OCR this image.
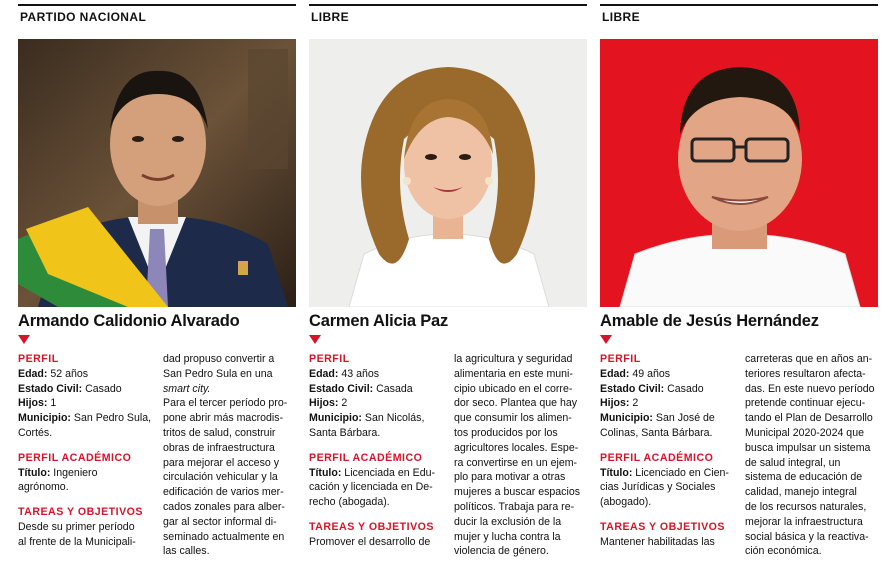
PARTIDO NACIONAL
Armando Calidonio Alvarado
PERFIL
Edad: 52 años
Estado Civil: Casado
Hijos: 1
Municipio: San Pedro Sula,
Cortés.
PERFIL ACADÉMICO
Título: Ingeniero
agrónomo.
TAREAS Y OBJETIVOS
Desde su primer período
al frente de la Municipali-
dad propuso convertir a
San Pedro Sula en una
smart city.
Para el tercer período pro-
pone abrir más macrodis-
tritos de salud, construir
obras de infraestructura
para mejorar el acceso y
circulación vehicular y la
edificación de varios mer-
cados zonales para alber-
gar al sector informal di-
seminado actualmente en
las calles.
LIBRE
Carmen Alicia Paz
PERFIL
Edad: 43 años
Estado Civil: Casada
Hijos: 2
Municipio: San Nicolás,
Santa Bárbara.
PERFIL ACADÉMICO
Título: Licenciada en Edu-
cación y licenciada en De-
recho (abogada).
TAREAS Y OBJETIVOS
Promover el desarrollo de
la agricultura y seguridad
alimentaria en este muni-
cipio ubicado en el corre-
dor seco. Plantea que hay
que consumir los alimen-
tos producidos por los
agricultores locales. Espe-
ra convertirse en un ejem-
plo para motivar a otras
mujeres a buscar espacios
políticos. Trabaja para re-
ducir la exclusión de la
mujer y lucha contra la
violencia de género.
LIBRE
Amable de Jesús Hernández
PERFIL
Edad: 49 años
Estado Civil: Casado
Hijos: 2
Municipio: San José de
Colinas, Santa Bárbara.
PERFIL ACADÉMICO
Título: Licenciado en Cien-
cias Jurídicas y Sociales
(abogado).
TAREAS Y OBJETIVOS
Mantener habilitadas las
carreteras que en años an-
teriores resultaron afecta-
das. En este nuevo período
pretende continuar ejecu-
tando el Plan de Desarrollo
Municipal 2020-2024 que
busca impulsar un sistema
de salud integral, un
sistema de educación de
calidad, manejo integral
de los recursos naturales,
mejorar la infraestructura
social básica y la reactiva-
ción económica.
